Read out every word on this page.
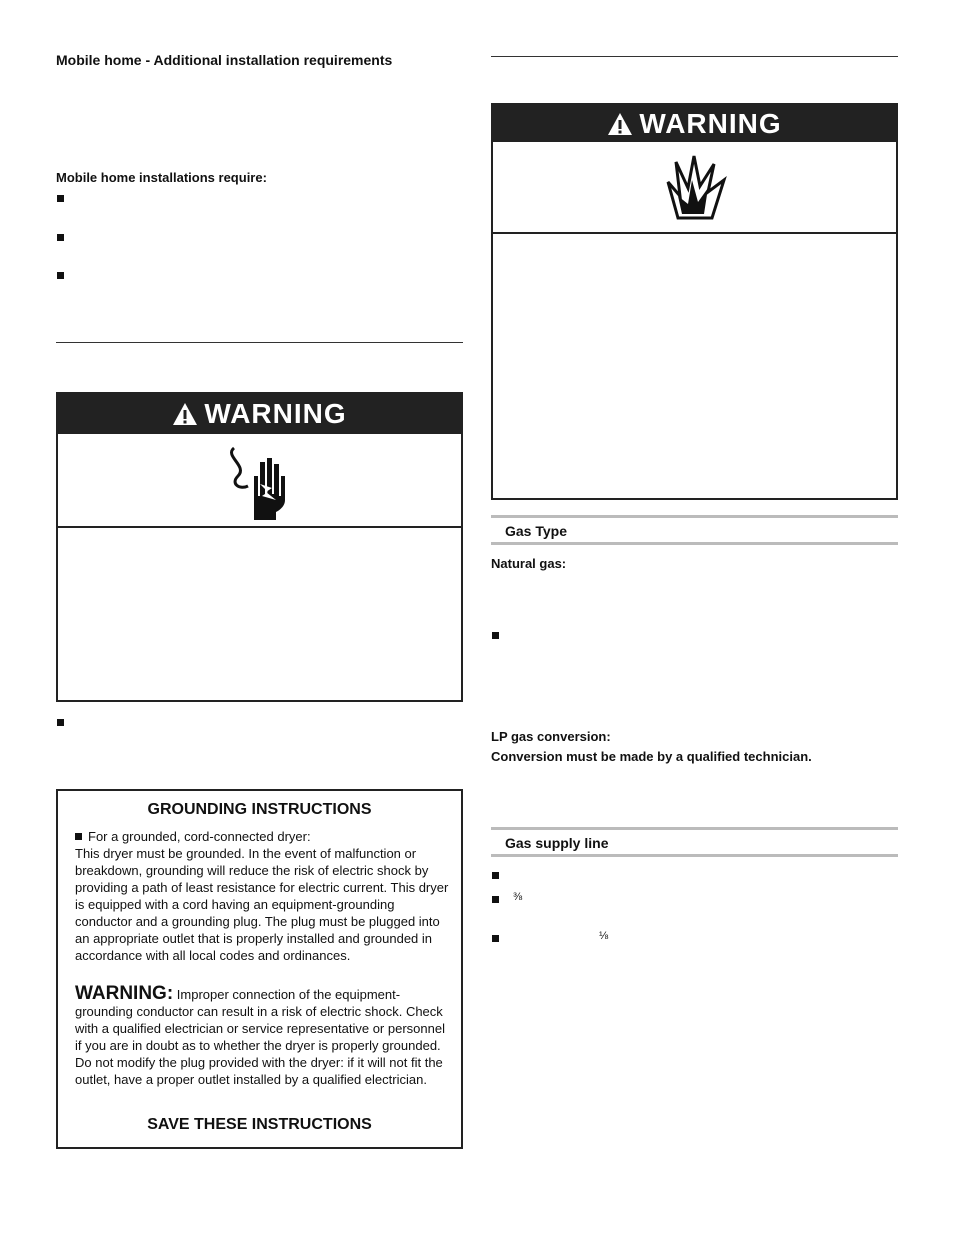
Mobile home - Additional installation requirements
Mobile home installations require:
WARNING
GROUNDING INSTRUCTIONS
For a grounded, cord-connected dryer:
This dryer must be grounded. In the event of malfunction or breakdown, grounding will reduce the risk of electric shock by providing a path of least resistance for electric current. This dryer is equipped with a cord having an equipment-grounding conductor and a grounding plug. The plug must be plugged into an appropriate outlet that is properly installed and grounded in accordance with all local codes and ordinances.
WARNING: Improper connection of the equipment-grounding conductor can result in a risk of electric shock. Check with a qualified electrician or service representative or personnel if you are in doubt as to whether the dryer is properly grounded. Do not modify the plug provided with the dryer: if it will not fit the outlet, have a proper outlet installed by a qualified electrician.
SAVE THESE INSTRUCTIONS
WARNING
Gas Type
Natural gas:
LP gas conversion:
Conversion must be made by a qualified technician.
Gas supply line
⅜
⅛
